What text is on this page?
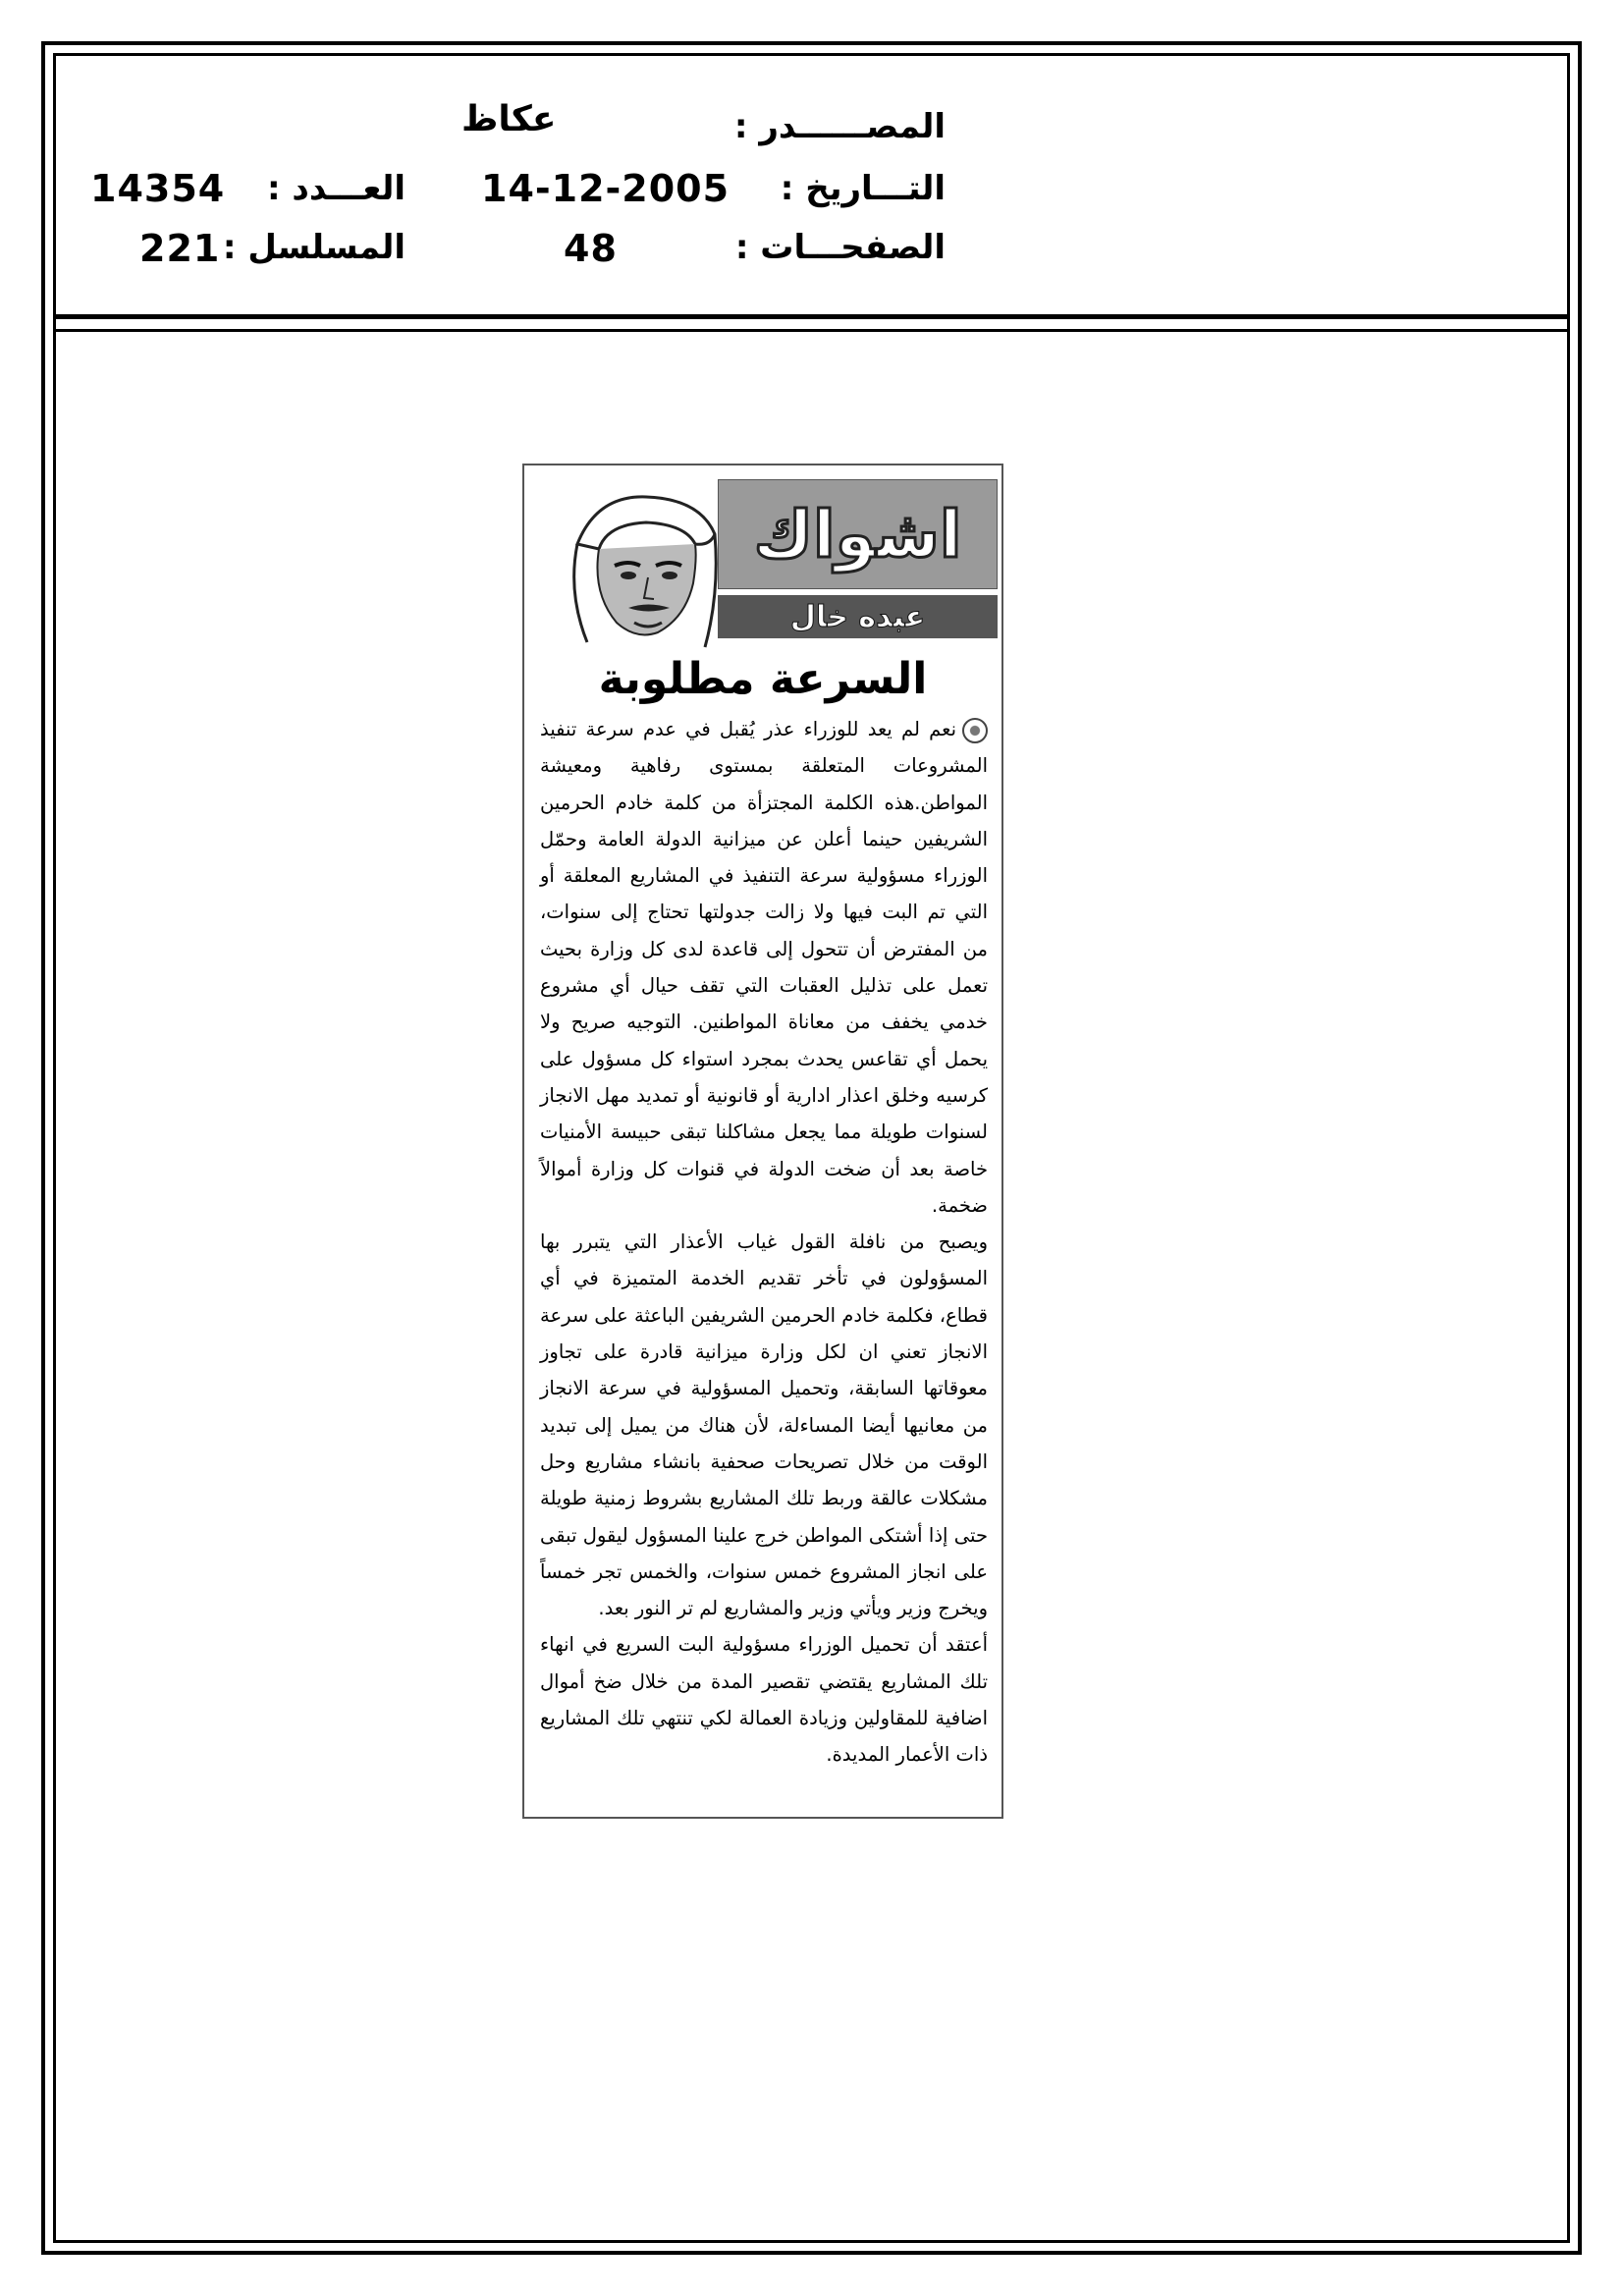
المصــــــدر :
عكاظ
التـــاريخ :
14-12-2005
العـــدد :
14354
الصفحـــات :
48
المسلسل :
221
اشواك
عبده خال
السرعة مطلوبة

نعم لم يعد للوزراء عذر يُقبل في عدم سرعة تنفيذ المشروعات المتعلقة بمستوى رفاهية ومعيشة المواطن.هذه الكلمة المجتزأة من كلمة خادم الحرمين الشريفين حينما أعلن عن ميزانية الدولة العامة وحمّل الوزراء مسؤولية سرعة التنفيذ في المشاريع المعلقة أو التي تم البت فيها ولا زالت جدولتها تحتاج إلى سنوات، من المفترض أن تتحول إلى قاعدة لدى كل وزارة بحيث تعمل على تذليل العقبات التي تقف حيال أي مشروع خدمي يخفف من معاناة المواطنين. التوجيه صريح ولا يحمل أي تقاعس يحدث بمجرد استواء كل مسؤول على كرسيه وخلق اعذار ادارية أو قانونية أو تمديد مهل الانجاز لسنوات طويلة مما يجعل مشاكلنا تبقى حبيسة الأمنيات خاصة بعد أن ضخت الدولة في قنوات كل وزارة أموالاً ضخمة.

ويصبح من نافلة القول غياب الأعذار التي يتبرر بها المسؤولون في تأخر تقديم الخدمة المتميزة في أي قطاع، فكلمة خادم الحرمين الشريفين الباعثة على سرعة الانجاز تعني ان لكل وزارة ميزانية قادرة على تجاوز معوقاتها السابقة، وتحميل المسؤولية في سرعة الانجاز من معانيها أيضا المساءلة، لأن هناك من يميل إلى تبديد الوقت من خلال تصريحات صحفية بانشاء مشاريع وحل مشكلات عالقة وربط تلك المشاريع بشروط زمنية طويلة حتى إذا أشتكى المواطن خرج علينا المسؤول ليقول تبقى على انجاز المشروع خمس سنوات، والخمس تجر خمساً ويخرج وزير ويأتي وزير والمشاريع لم تر النور بعد.

أعتقد أن تحميل الوزراء مسؤولية البت السريع في انهاء تلك المشاريع يقتضي تقصير المدة من خلال ضخ أموال اضافية للمقاولين وزيادة العمالة لكي تنتهي تلك المشاريع ذات الأعمار المديدة.
